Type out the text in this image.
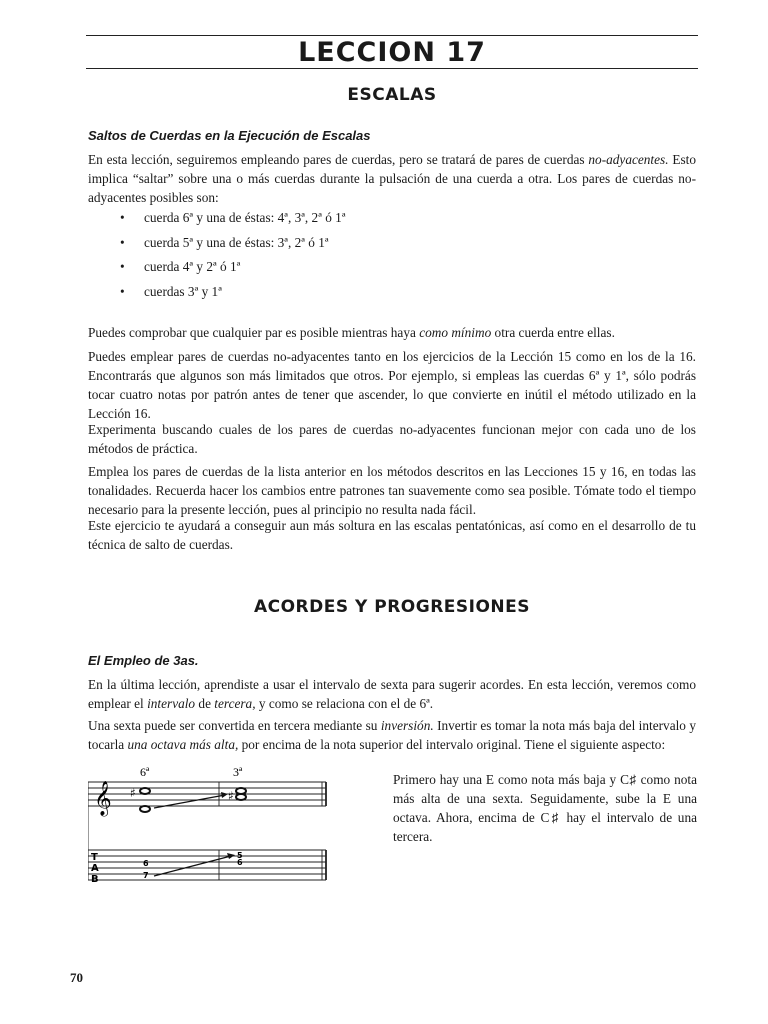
LECCION 17
ESCALAS
Saltos de Cuerdas en la Ejecución de Escalas

En esta lección, seguiremos empleando pares de cuerdas, pero se tratará de pares de cuerdas no-adyacentes. Esto implica “saltar” sobre una o más cuerdas durante la pulsación de una cuerda a otra. Los pares de cuerdas no-adyacentes posibles son:

• cuerda 6ª y una de éstas: 4ª, 3ª, 2ª ó 1ª
• cuerda 5ª y una de éstas: 3ª, 2ª ó 1ª
• cuerda 4ª y 2ª ó 1ª
• cuerdas 3ª y 1ª

Puedes comprobar que cualquier par es posible mientras haya como mínimo otra cuerda entre ellas.

Puedes emplear pares de cuerdas no-adyacentes tanto en los ejercicios de la Lección 15 como en los de la 16. Encontrarás que algunos son más limitados que otros. Por ejemplo, si empleas las cuerdas 6ª y 1ª, sólo podrás tocar cuatro notas por patrón antes de tener que ascender, lo que convierte en inútil el método utilizado en la Lección 16.

Experimenta buscando cuales de los pares de cuerdas no-adyacentes funcionan mejor con cada uno de los métodos de práctica.

Emplea los pares de cuerdas de la lista anterior en los métodos descritos en las Lecciones 15 y 16, en todas las tonalidades. Recuerda hacer los cambios entre patrones tan suavemente como sea posible. Tómate todo el tiempo necesario para la presente lección, pues al principio no resulta nada fácil.

Este ejercicio te ayudará a conseguir aun más soltura en las escalas pentatónicas, así como en el desarrollo de tu técnica de salto de cuerdas.

ACORDES Y PROGRESIONES
El Empleo de 3as.

En la última lección, aprendiste a usar el intervalo de sexta para sugerir acordes. En esta lección, veremos como emplear el intervalo de tercera, y como se relaciona con el de 6ª.

Una sexta puede ser convertida en tercera mediante su inversión. Invertir es tomar la nota más baja del intervalo y tocarla una octava más alta, por encima de la nota superior del intervalo original. Tiene el siguiente aspecto:

6ª	3ª
𝄞 ♯	♯
T
A
B
6
7
5
6

Primero hay una E como nota más baja y C♯ como nota más alta de una sexta. Seguidamente, sube la E una octava. Ahora, encima de C♯ hay el intervalo de una tercera.

70
